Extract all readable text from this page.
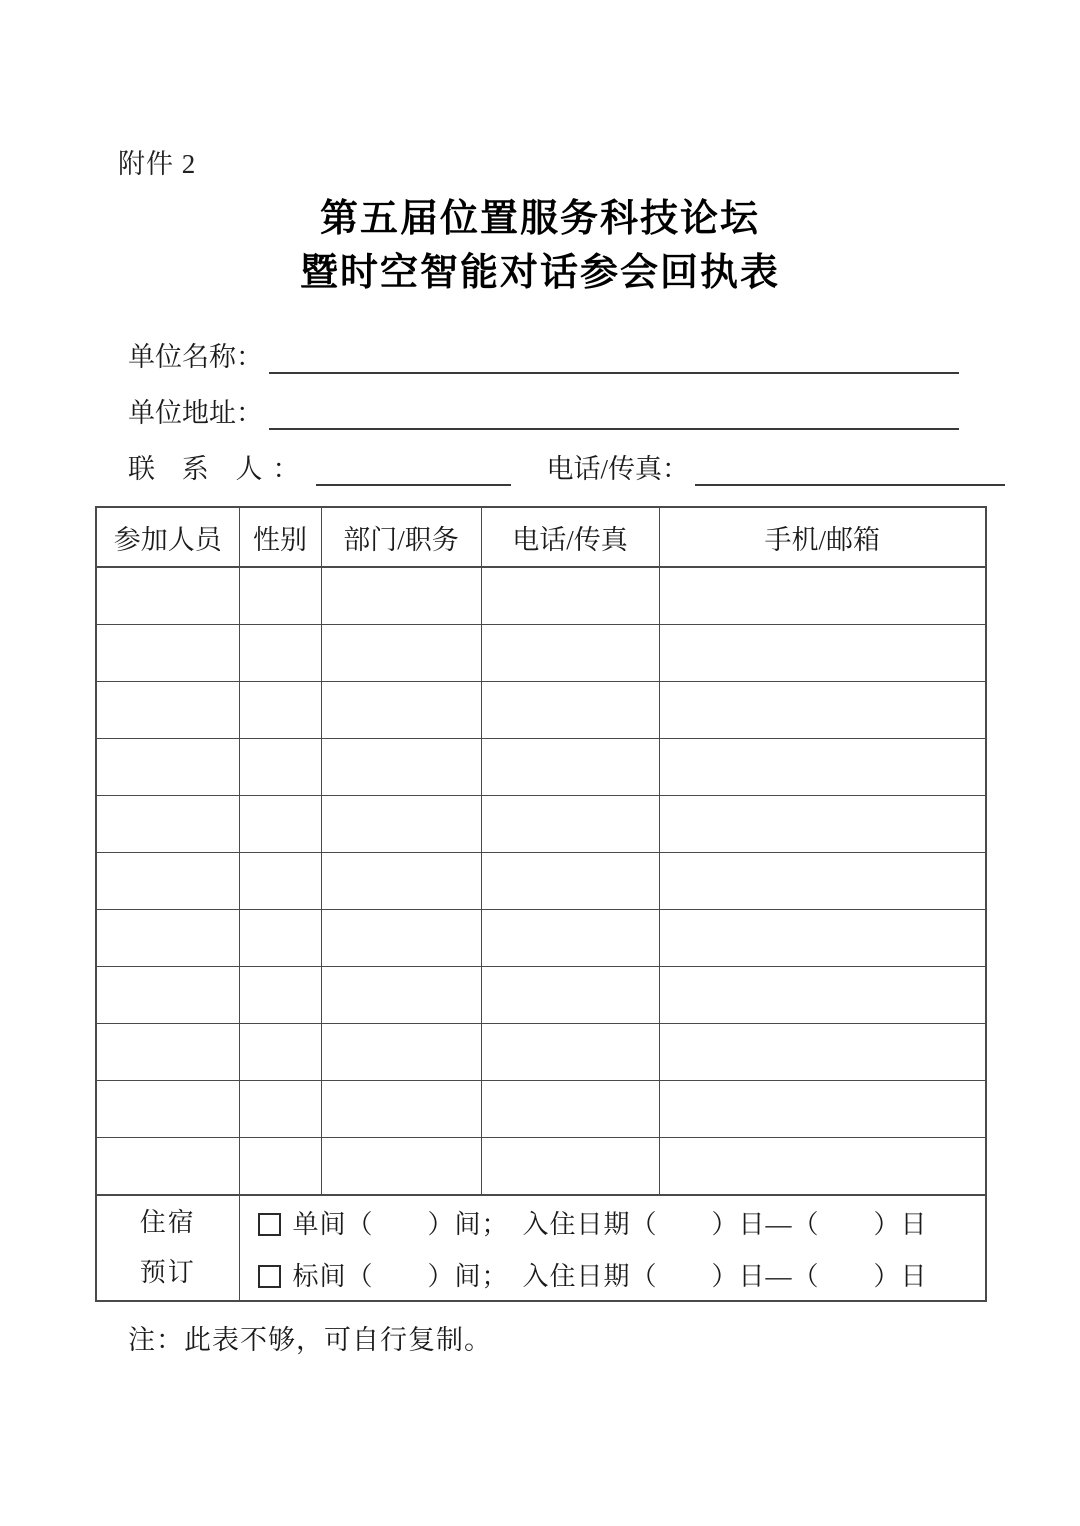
附件 2
第五届位置服务科技论坛
暨时空智能对话参会回执表
单位名称：
单位地址：
联 系 人：	电话/传真：
参加人员	性别	部门/职务	电话/传真	手机/邮箱

住宿
预订	单间（　　）间；　入住日期（　　）日—（　　）日			
	标间（　　）间；　入住日期（　　）日—（　　）日			
注：此表不够，可自行复制。
